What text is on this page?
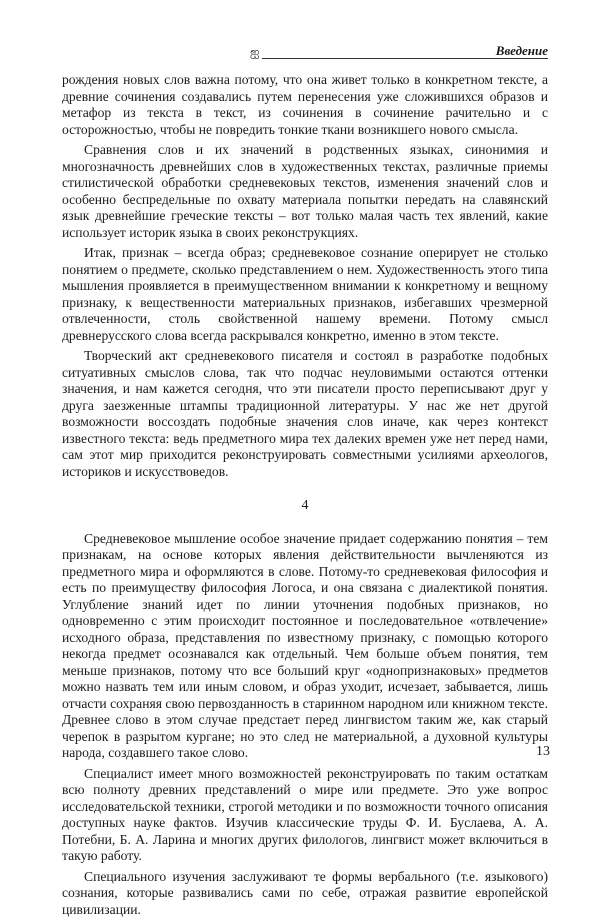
ஐ	Введение

рождения новых слов важна потому, что она живет только в конкретном тексте, а древние сочинения создавались путем перенесения уже сложившихся образов и метафор из текста в текст, из сочинения в сочинение рачительно и с осторожностью, чтобы не повредить тонкие ткани возникшего нового смысла.

Сравнения слов и их значений в родственных языках, синонимия и многозначность древнейших слов в художественных текстах, различные приемы стилистической обработки средневековых текстов, изменения значений слов и особенно беспредельные по охвату материала попытки передать на славянский язык древнейшие греческие тексты – вот только малая часть тех явлений, какие использует историк языка в своих реконструкциях.

Итак, признак – всегда образ; средневековое сознание оперирует не столько понятием о предмете, сколько представлением о нем. Художественность этого типа мышления проявляется в преимущественном внимании к конкретному и вещному признаку, к вещественности материальных признаков, избегавших чрезмерной отвлеченности, столь свойственной нашему времени. Потому смысл древнерусского слова всегда раскрывался конкретно, именно в этом тексте.

Творческий акт средневекового писателя и состоял в разработке подобных ситуативных смыслов слова, так что подчас неуловимыми остаются оттенки значения, и нам кажется сегодня, что эти писатели просто переписывают друг у друга заезженные штампы традиционной литературы. У нас же нет другой возможности воссоздать подобные значения слов иначе, как через контекст известного текста: ведь предметного мира тех далеких времен уже нет перед нами, сам этот мир приходится реконструировать совместными усилиями археологов, историков и искусствоведов.

4

Средневековое мышление особое значение придает содержанию понятия – тем признакам, на основе которых явления действительности вычленяются из предметного мира и оформляются в слове. Потому-то средневековая философия и есть по преимуществу философия Логоса, и она связана с диалектикой понятия. Углубление знаний идет по линии уточнения подобных признаков, но одновременно с этим происходит постоянное и последовательное «отвлечение» исходного образа, представления по известному признаку, с помощью которого некогда предмет осознавался как отдельный. Чем больше объем понятия, тем меньше признаков, потому что все больший круг «однопризнаковых» предметов можно назвать тем или иным словом, и образ уходит, исчезает, забывается, лишь отчасти сохраняя свою первозданность в старинном народном или книжном тексте. Древнее слово в этом случае предстает перед лингвистом таким же, как старый черепок в разрытом кургане; но это след не материальной, а духовной культуры народа, создавшего такое слово.

Специалист имеет много возможностей реконструировать по таким остаткам всю полноту древних представлений о мире или предмете. Это уже вопрос исследовательской техники, строгой методики и по возможности точного описания доступных науке фактов. Изучив классические труды Ф. И. Буслаева, А. А. Потебни, Б. А. Ларина и многих других филологов, лингвист может включиться в такую работу.

Специального изучения заслуживают те формы вербального (т.е. языкового) сознания, которые развивались сами по себе, отражая развитие европейской цивилизации.

13
